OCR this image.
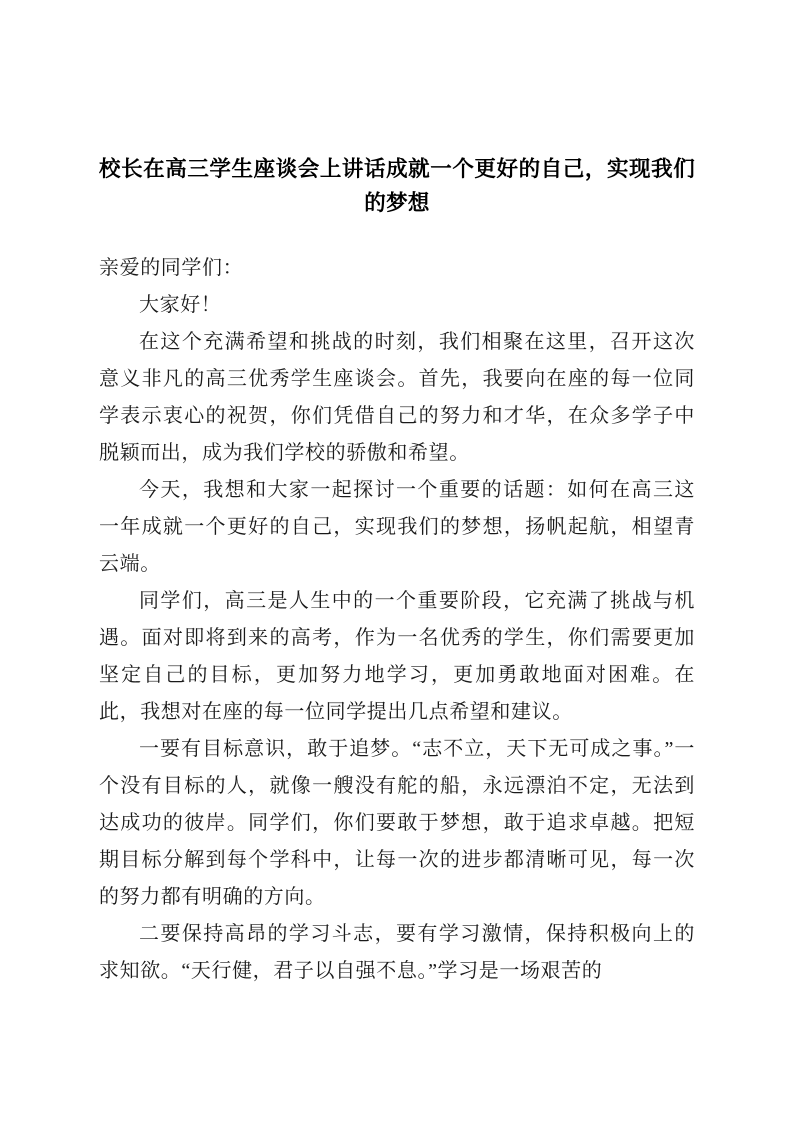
校长在高三学生座谈会上讲话成就一个更好的自己，实现我们
的梦想

亲爱的同学们：

大家好！

在这个充满希望和挑战的时刻，我们相聚在这里，召开这次意义非凡的高三优秀学生座谈会。首先，我要向在座的每一位同学表示衷心的祝贺，你们凭借自己的努力和才华，在众多学子中脱颖而出，成为我们学校的骄傲和希望。

今天，我想和大家一起探讨一个重要的话题：如何在高三这一年成就一个更好的自己，实现我们的梦想，扬帆起航，相望青云端。

同学们，高三是人生中的一个重要阶段，它充满了挑战与机遇。面对即将到来的高考，作为一名优秀的学生，你们需要更加坚定自己的目标，更加努力地学习，更加勇敢地面对困难。在此，我想对在座的每一位同学提出几点希望和建议。

一要有目标意识，敢于追梦。“志不立，天下无可成之事。”一个没有目标的人，就像一艘没有舵的船，永远漂泊不定，无法到达成功的彼岸。同学们，你们要敢于梦想，敢于追求卓越。把短期目标分解到每个学科中，让每一次的进步都清晰可见，每一次的努力都有明确的方向。

二要保持高昂的学习斗志，要有学习激情，保持积极向上的求知欲。“天行健，君子以自强不息。”学习是一场艰苦的
